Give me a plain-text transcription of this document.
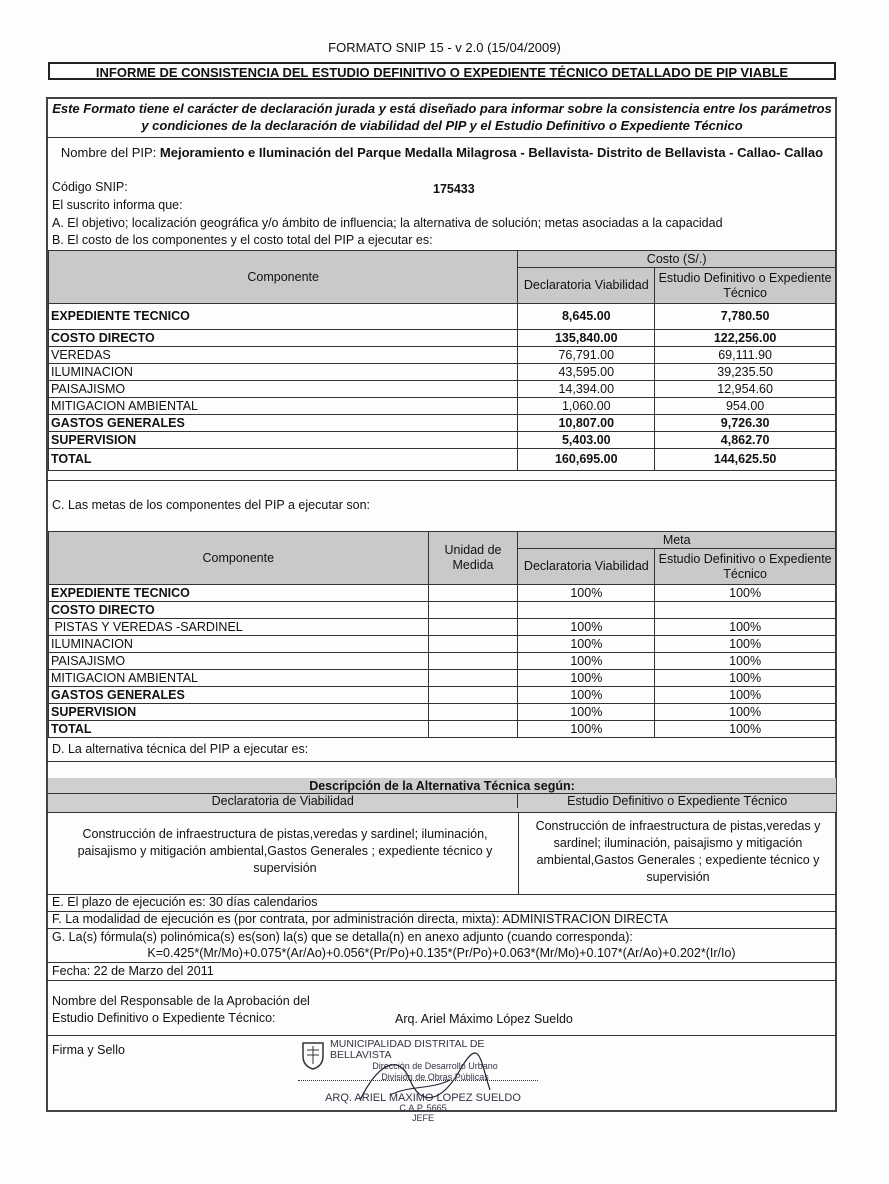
FORMATO SNIP 15 - v 2.0 (15/04/2009)
INFORME DE CONSISTENCIA DEL ESTUDIO DEFINITIVO O EXPEDIENTE TÉCNICO DETALLADO DE PIP VIABLE
Este Formato tiene el carácter de declaración jurada y está diseñado para informar sobre la consistencia entre los parámetros y condiciones de la declaración de viabilidad del PIP y el Estudio Definitivo o Expediente Técnico
Nombre del PIP: Mejoramiento e Iluminación del Parque Medalla Milagrosa - Bellavista- Distrito de Bellavista - Callao- Callao
Código SNIP:	175433
El suscrito informa que:
A. El objetivo; localización geográfica y/o ámbito de influencia; la alternativa de solución; metas asociadas a la capacidad
B. El costo de los componentes y el costo total del PIP a ejecutar es:
Componente	Costo (S/.)	
	Declaratoria Viabilidad	Estudio Definitivo o Expediente Técnico
EXPEDIENTE TECNICO	8,645.00	7,780.50
COSTO DIRECTO	135,840.00	122,256.00
VEREDAS	76,791.00	69,111.90
ILUMINACION	43,595.00	39,235.50
PAISAJISMO	14,394.00	12,954.60
MITIGACION AMBIENTAL	1,060.00	954.00
GASTOS GENERALES	10,807.00	9,726.30
SUPERVISION	5,403.00	4,862.70
TOTAL	160,695.00	144,625.50
C. Las metas de los componentes del PIP a ejecutar son:
Componente	Unidad de Medida	Meta	
		Declaratoria Viabilidad	Estudio Definitivo o Expediente Técnico
EXPEDIENTE TECNICO		100%	100%
COSTO DIRECTO			
PISTAS Y VEREDAS -SARDINEL		100%	100%
ILUMINACION		100%	100%
PAISAJISMO		100%	100%
MITIGACION AMBIENTAL		100%	100%
GASTOS GENERALES		100%	100%
SUPERVISION		100%	100%
TOTAL		100%	100%
D. La alternativa técnica del PIP a ejecutar es:
Descripción de la Alternativa Técnica según:
Declaratoria de Viabilidad	Estudio Definitivo o Expediente Técnico
Construcción de infraestructura de pistas,veredas y sardinel; iluminación, paisajismo y mitigación ambiental,Gastos Generales ; expediente técnico y supervisión
Construcción de infraestructura de pistas,veredas y sardinel; iluminación, paisajismo y mitigación ambiental,Gastos Generales ; expediente técnico y supervisión
E. El plazo de ejecución es: 30 días calendarios
F. La modalidad de ejecución es (por contrata, por administración directa, mixta): ADMINISTRACION DIRECTA
G. La(s) fórmula(s) polinómica(s) es(son) la(s) que se detalla(n) en anexo adjunto (cuando corresponda):
K=0.425*(Mr/Mo)+0.075*(Ar/Ao)+0.056*(Pr/Po)+0.135*(Pr/Po)+0.063*(Mr/Mo)+0.107*(Ar/Ao)+0.202*(Ir/Io)
Fecha: 22 de Marzo del 2011
Nombre del Responsable de la Aprobación del
Estudio Definitivo o Expediente Técnico:	Arq. Ariel Máximo López Sueldo
Firma y Sello	MUNICIPALIDAD DISTRITAL DE BELLAVISTA
Dirección de Desarrollo Urbano
División de Obras Públicas
ARQ. ARIEL MAXIMO LOPEZ SUELDO
C.A.P. 5665
JEFE
